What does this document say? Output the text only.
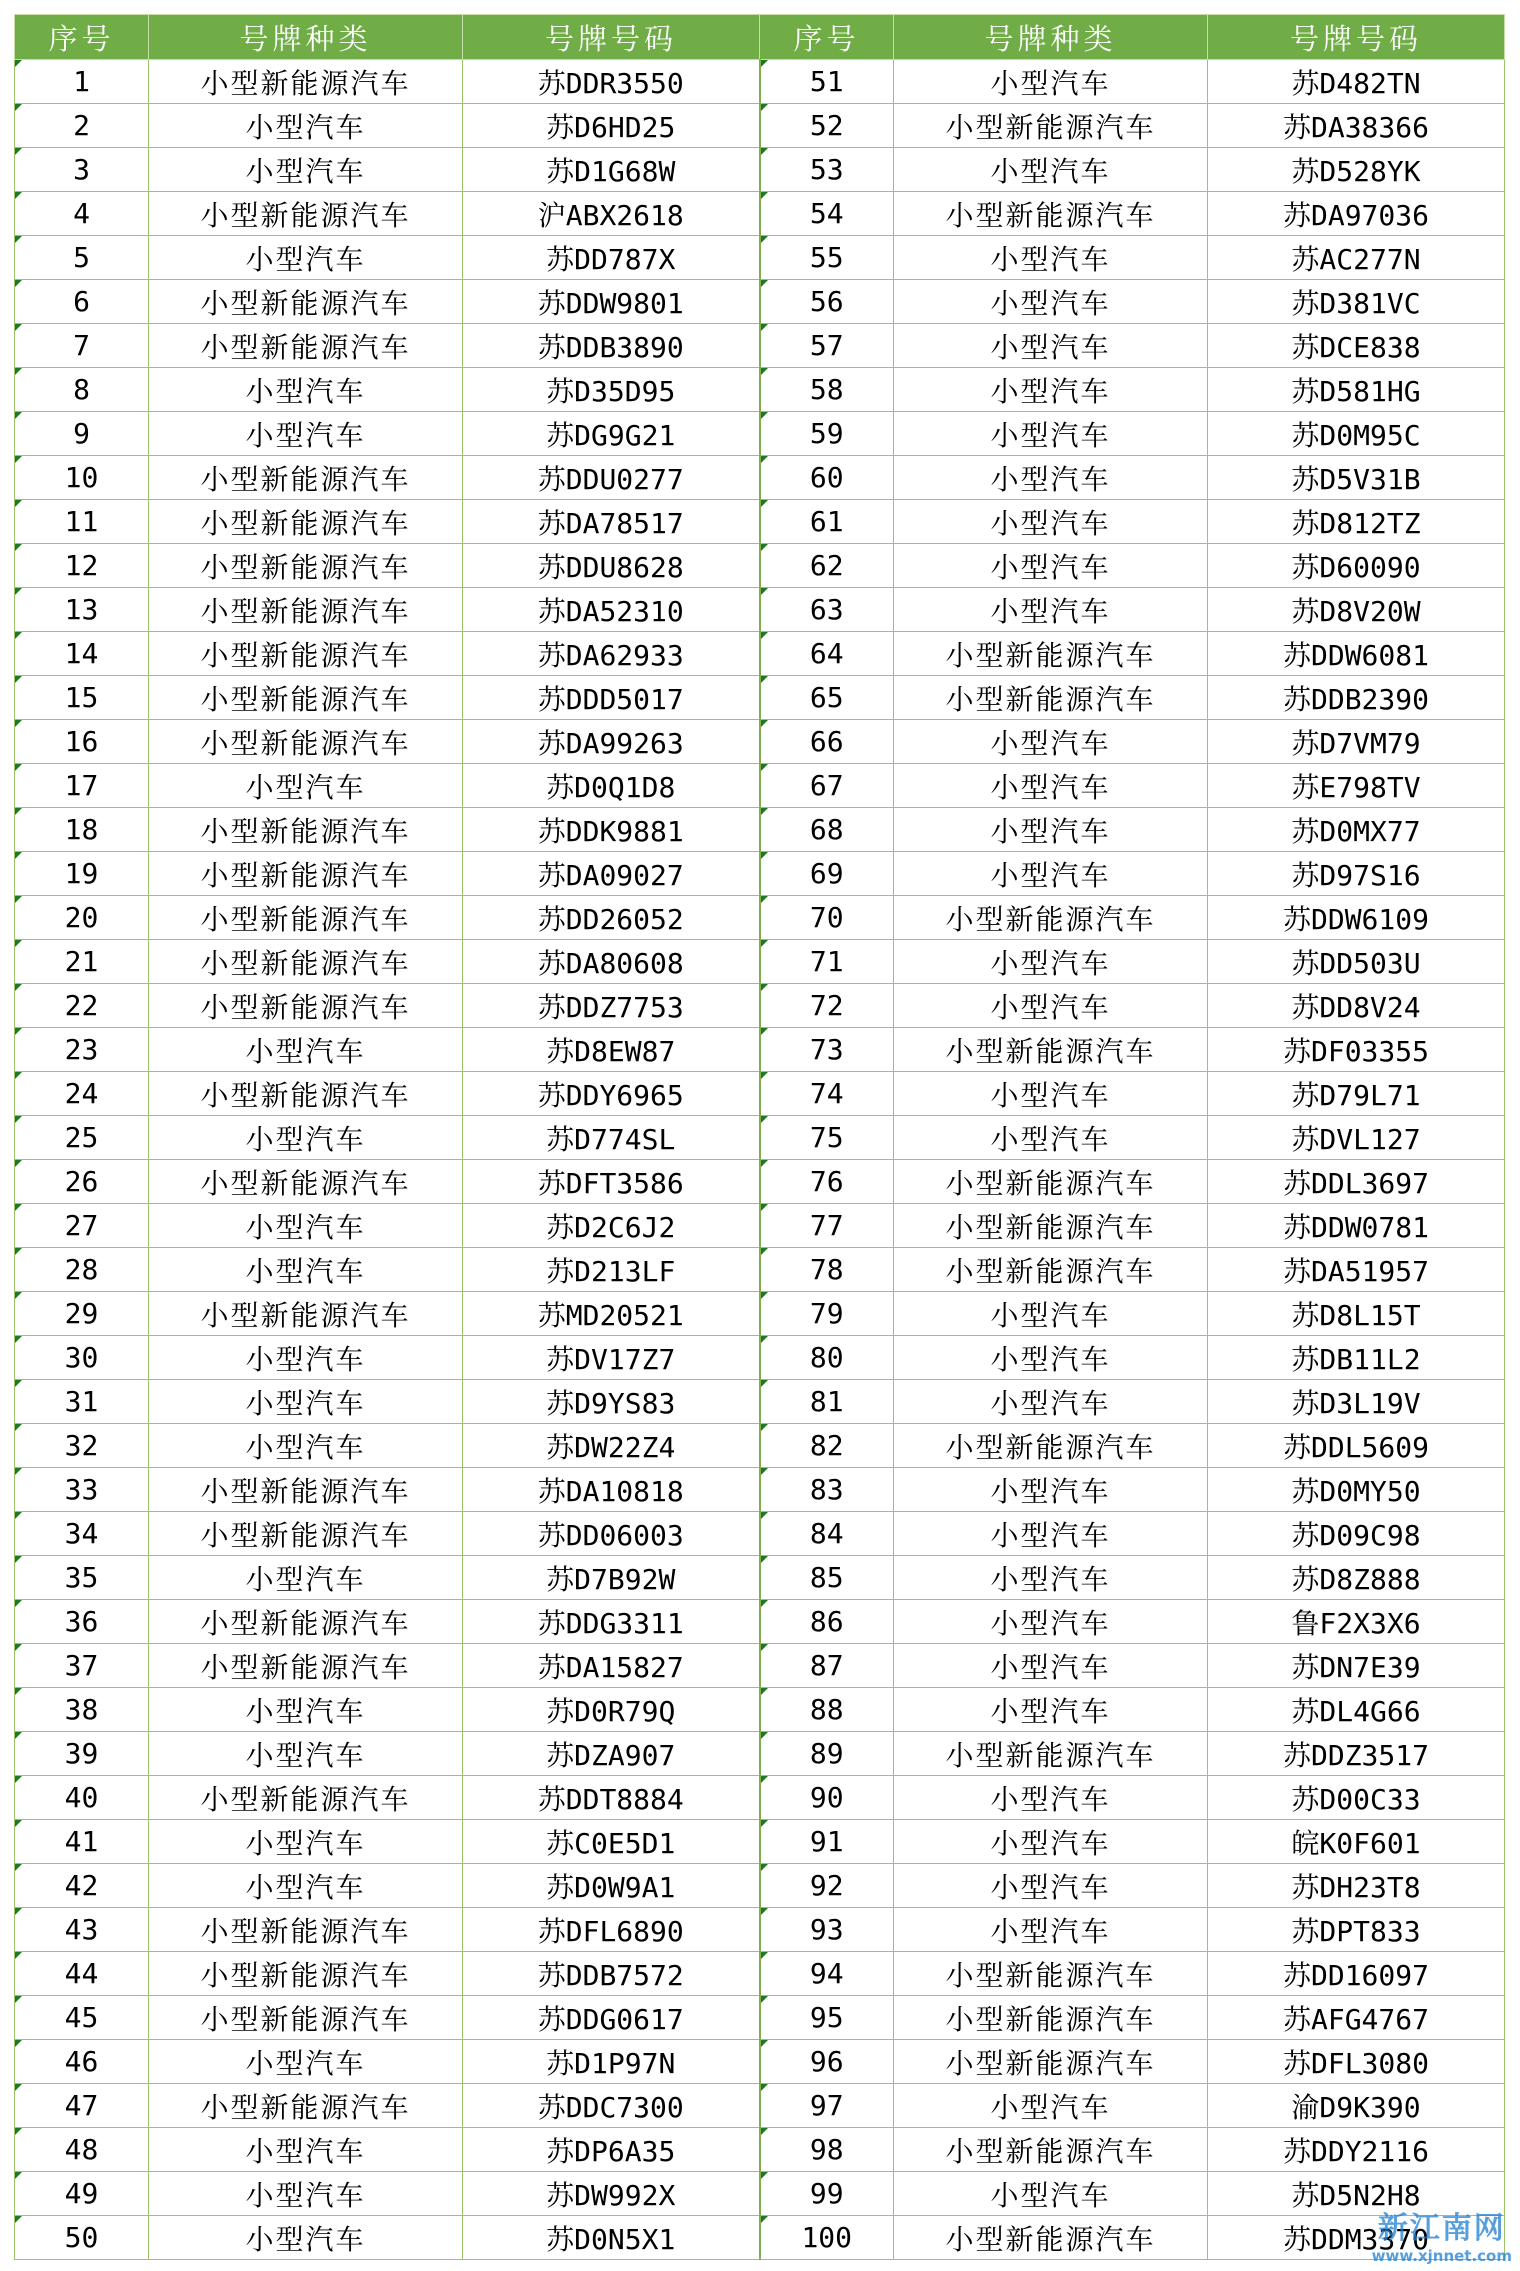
序号	号牌种类	号牌号码	序号	号牌种类	号牌号码
1	小型新能源汽车	苏DDR3550	51	小型汽车	苏D482TN
2	小型汽车	苏D6HD25	52	小型新能源汽车	苏DA38366
3	小型汽车	苏D1G68W	53	小型汽车	苏D528YK
4	小型新能源汽车	沪ABX2618	54	小型新能源汽车	苏DA97036
5	小型汽车	苏DD787X	55	小型汽车	苏AC277N
6	小型新能源汽车	苏DDW9801	56	小型汽车	苏D381VC
7	小型新能源汽车	苏DDB3890	57	小型汽车	苏DCE838
8	小型汽车	苏D35D95	58	小型汽车	苏D581HG
9	小型汽车	苏DG9G21	59	小型汽车	苏D0M95C
10	小型新能源汽车	苏DDU0277	60	小型汽车	苏D5V31B
11	小型新能源汽车	苏DA78517	61	小型汽车	苏D812TZ
12	小型新能源汽车	苏DDU8628	62	小型汽车	苏D60090
13	小型新能源汽车	苏DA52310	63	小型汽车	苏D8V20W
14	小型新能源汽车	苏DA62933	64	小型新能源汽车	苏DDW6081
15	小型新能源汽车	苏DDD5017	65	小型新能源汽车	苏DDB2390
16	小型新能源汽车	苏DA99263	66	小型汽车	苏D7VM79
17	小型汽车	苏D0Q1D8	67	小型汽车	苏E798TV
18	小型新能源汽车	苏DDK9881	68	小型汽车	苏D0MX77
19	小型新能源汽车	苏DA09027	69	小型汽车	苏D97S16
20	小型新能源汽车	苏DD26052	70	小型新能源汽车	苏DDW6109
21	小型新能源汽车	苏DA80608	71	小型汽车	苏DD503U
22	小型新能源汽车	苏DDZ7753	72	小型汽车	苏DD8V24
23	小型汽车	苏D8EW87	73	小型新能源汽车	苏DF03355
24	小型新能源汽车	苏DDY6965	74	小型汽车	苏D79L71
25	小型汽车	苏D774SL	75	小型汽车	苏DVL127
26	小型新能源汽车	苏DFT3586	76	小型新能源汽车	苏DDL3697
27	小型汽车	苏D2C6J2	77	小型新能源汽车	苏DDW0781
28	小型汽车	苏D213LF	78	小型新能源汽车	苏DA51957
29	小型新能源汽车	苏MD20521	79	小型汽车	苏D8L15T
30	小型汽车	苏DV17Z7	80	小型汽车	苏DB11L2
31	小型汽车	苏D9YS83	81	小型汽车	苏D3L19V
32	小型汽车	苏DW22Z4	82	小型新能源汽车	苏DDL5609
33	小型新能源汽车	苏DA10818	83	小型汽车	苏D0MY50
34	小型新能源汽车	苏DD06003	84	小型汽车	苏D09C98
35	小型汽车	苏D7B92W	85	小型汽车	苏D8Z888
36	小型新能源汽车	苏DDG3311	86	小型汽车	鲁F2X3X6
37	小型新能源汽车	苏DA15827	87	小型汽车	苏DN7E39
38	小型汽车	苏D0R79Q	88	小型汽车	苏DL4G66
39	小型汽车	苏DZA907	89	小型新能源汽车	苏DDZ3517
40	小型新能源汽车	苏DDT8884	90	小型汽车	苏D00C33
41	小型汽车	苏C0E5D1	91	小型汽车	皖K0F601
42	小型汽车	苏D0W9A1	92	小型汽车	苏DH23T8
43	小型新能源汽车	苏DFL6890	93	小型汽车	苏DPT833
44	小型新能源汽车	苏DDB7572	94	小型新能源汽车	苏DD16097
45	小型新能源汽车	苏DDG0617	95	小型新能源汽车	苏AFG4767
46	小型汽车	苏D1P97N	96	小型新能源汽车	苏DFL3080
47	小型新能源汽车	苏DDC7300	97	小型汽车	渝D9K390
48	小型汽车	苏DP6A35	98	小型新能源汽车	苏DDY2116
49	小型汽车	苏DW992X	99	小型汽车	苏D5N2H8
50	小型汽车	苏D0N5X1	100	小型新能源汽车	苏DDM3370
新江南网
www.xjnnet.com
